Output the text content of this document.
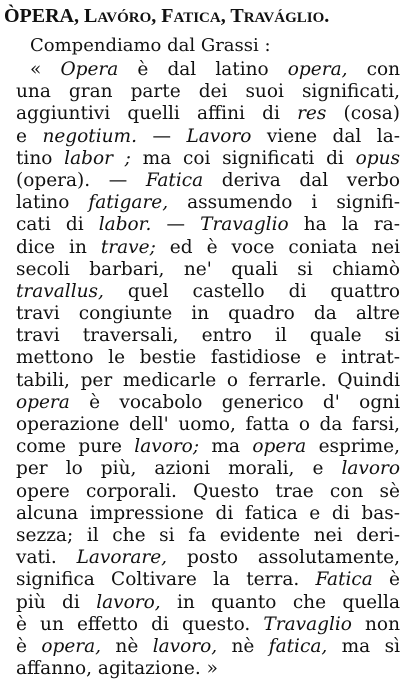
ÒPERA, LAVÓRO, FATICA, TRAVÁGLIO.
Compendiamo dal Grassi :
« Opera è dal latino opera, con
una gran parte dei suoi significati,
aggiuntivi quelli affini di res (cosa)
e negotium. — Lavoro viene dal la-
tino labor ; ma coi significati di opus
(opera). — Fatica deriva dal verbo
latino fatigare, assumendo i signifi-
cati di labor. — Travaglio ha la ra-
dice in trave; ed è voce coniata nei
secoli barbari, ne' quali si chiamò
travallus, quel castello di quattro
travi congiunte in quadro da altre
travi traversali, entro il quale si
mettono le bestie fastidiose e intrat-
tabili, per medicarle o ferrarle. Quindi
opera è vocabolo generico d' ogni
operazione dell' uomo, fatta o da farsi,
come pure lavoro; ma opera esprime,
per lo più, azioni morali, e lavoro
opere corporali. Questo trae con sè
alcuna impressione di fatica e di bas-
sezza; il che si fa evidente nei deri-
vati. Lavorare, posto assolutamente,
significa Coltivare la terra. Fatica è
più di lavoro, in quanto che quella
è un effetto di questo. Travaglio non
è opera, nè lavoro, nè fatica, ma sì
affanno, agitazione. »
